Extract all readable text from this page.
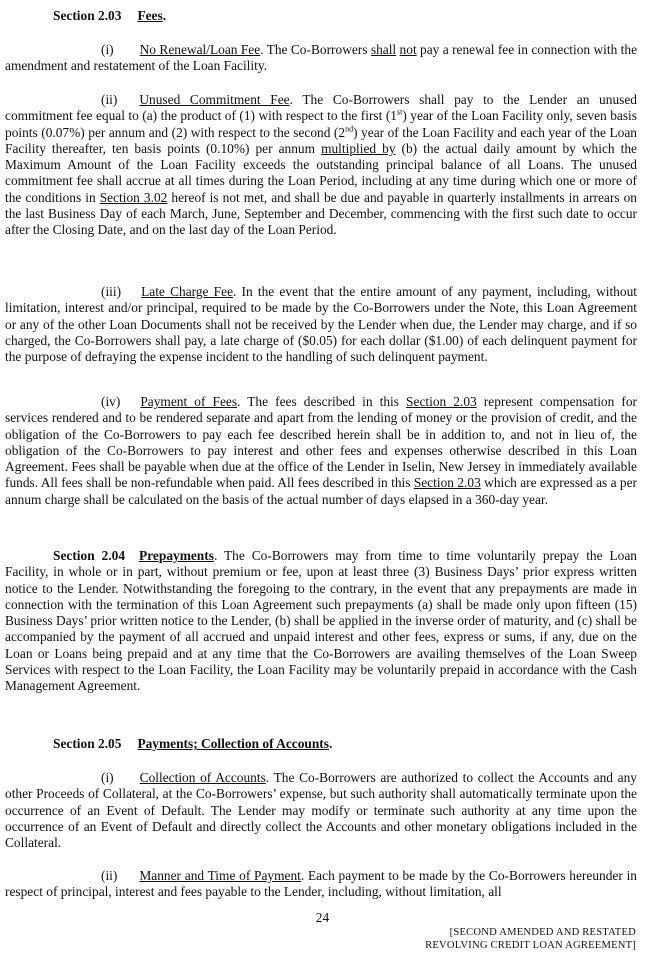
Section 2.03 Fees.

(i) No Renewal/Loan Fee. The Co-Borrowers shall not pay a renewal fee in connection with the amendment and restatement of the Loan Facility.

(ii) Unused Commitment Fee. The Co-Borrowers shall pay to the Lender an unused commitment fee equal to (a) the product of (1) with respect to the first (1st) year of the Loan Facility only, seven basis points (0.07%) per annum and (2) with respect to the second (2nd) year of the Loan Facility and each year of the Loan Facility thereafter, ten basis points (0.10%) per annum multiplied by (b) the actual daily amount by which the Maximum Amount of the Loan Facility exceeds the outstanding principal balance of all Loans. The unused commitment fee shall accrue at all times during the Loan Period, including at any time during which one or more of the conditions in Section 3.02 hereof is not met, and shall be due and payable in quarterly installments in arrears on the last Business Day of each March, June, September and December, commencing with the first such date to occur after the Closing Date, and on the last day of the Loan Period.

(iii) Late Charge Fee. In the event that the entire amount of any payment, including, without limitation, interest and/or principal, required to be made by the Co-Borrowers under the Note, this Loan Agreement or any of the other Loan Documents shall not be received by the Lender when due, the Lender may charge, and if so charged, the Co-Borrowers shall pay, a late charge of ($0.05) for each dollar ($1.00) of each delinquent payment for the purpose of defraying the expense incident to the handling of such delinquent payment.

(iv) Payment of Fees. The fees described in this Section 2.03 represent compensation for services rendered and to be rendered separate and apart from the lending of money or the provision of credit, and the obligation of the Co-Borrowers to pay each fee described herein shall be in addition to, and not in lieu of, the obligation of the Co-Borrowers to pay interest and other fees and expenses otherwise described in this Loan Agreement. Fees shall be payable when due at the office of the Lender in Iselin, New Jersey in immediately available funds. All fees shall be non-refundable when paid. All fees described in this Section 2.03 which are expressed as a per annum charge shall be calculated on the basis of the actual number of days elapsed in a 360-day year.

Section 2.04 Prepayments. The Co-Borrowers may from time to time voluntarily prepay the Loan Facility, in whole or in part, without premium or fee, upon at least three (3) Business Days’ prior express written notice to the Lender. Notwithstanding the foregoing to the contrary, in the event that any prepayments are made in connection with the termination of this Loan Agreement such prepayments (a) shall be made only upon fifteen (15) Business Days’ prior written notice to the Lender, (b) shall be applied in the inverse order of maturity, and (c) shall be accompanied by the payment of all accrued and unpaid interest and other fees, express or sums, if any, due on the Loan or Loans being prepaid and at any time that the Co-Borrowers are availing themselves of the Loan Sweep Services with respect to the Loan Facility, the Loan Facility may be voluntarily prepaid in accordance with the Cash Management Agreement.

Section 2.05 Payments; Collection of Accounts.

(i) Collection of Accounts. The Co-Borrowers are authorized to collect the Accounts and any other Proceeds of Collateral, at the Co-Borrowers’ expense, but such authority shall automatically terminate upon the occurrence of an Event of Default. The Lender may modify or terminate such authority at any time upon the occurrence of an Event of Default and directly collect the Accounts and other monetary obligations included in the Collateral.

(ii) Manner and Time of Payment. Each payment to be made by the Co-Borrowers hereunder in respect of principal, interest and fees payable to the Lender, including, without limitation, all

24
[SECOND AMENDED AND RESTATED
REVOLVING CREDIT LOAN AGREEMENT]
